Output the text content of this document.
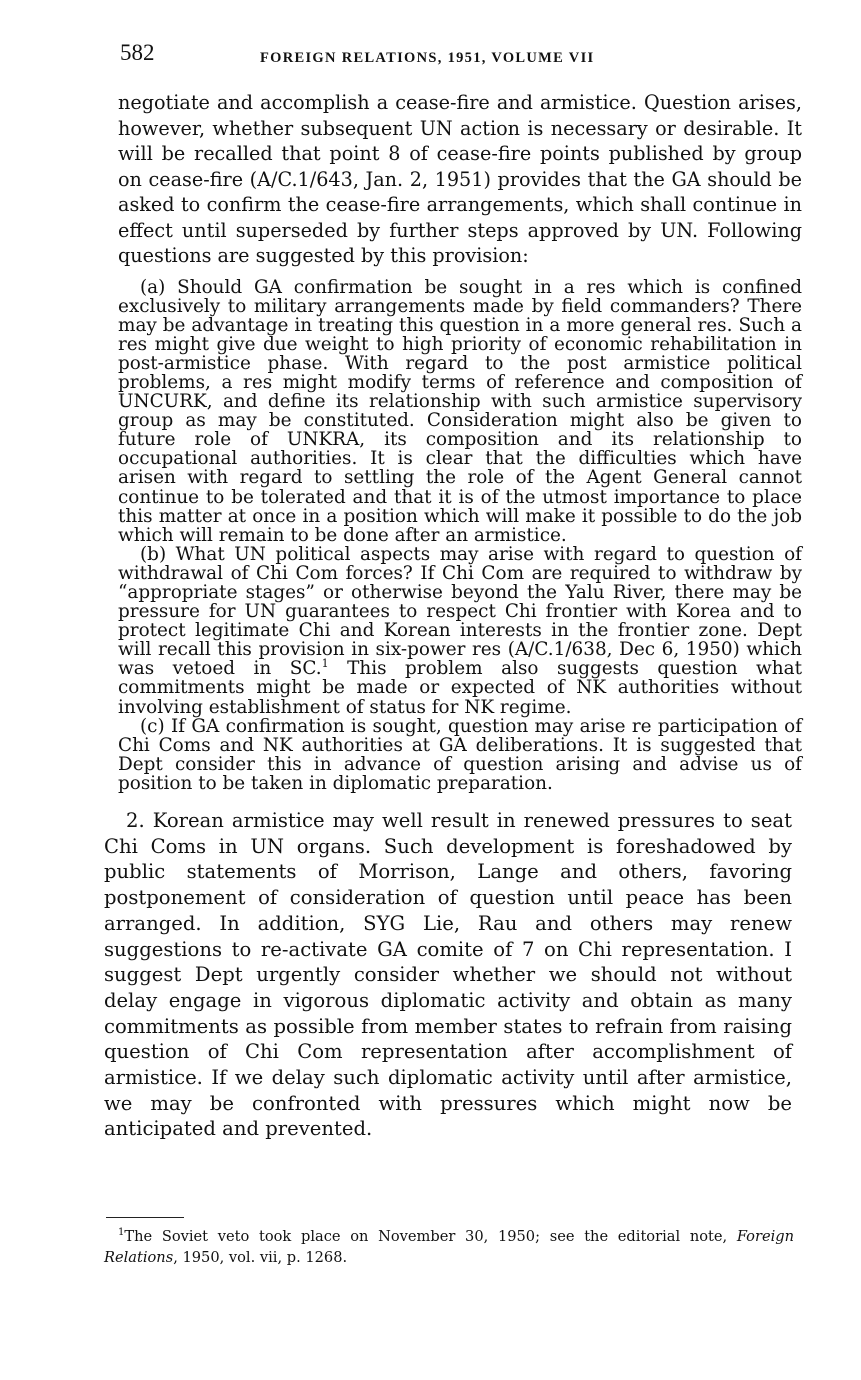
582	FOREIGN RELATIONS, 1951, VOLUME VII

negotiate and accomplish a cease-fire and armistice. Question arises, however, whether subsequent UN action is necessary or desirable. It will be recalled that point 8 of cease-fire points published by group on cease-fire (A/C.1/643, Jan. 2, 1951) provides that the GA should be asked to confirm the cease-fire arrangements, which shall continue in effect until superseded by further steps approved by UN. Following questions are suggested by this provision:

(a) Should GA confirmation be sought in a res which is confined exclusively to military arrangements made by field commanders? There may be advantage in treating this question in a more general res. Such a res might give due weight to high priority of economic rehabilitation in post-armistice phase. With regard to the post armistice political problems, a res might modify terms of reference and composition of UNCURK, and define its relationship with such armistice supervisory group as may be constituted. Consideration might also be given to future role of UNKRA, its composition and its relationship to occupational authorities. It is clear that the difficulties which have arisen with regard to settling the role of the Agent General cannot continue to be tolerated and that it is of the utmost importance to place this matter at once in a position which will make it possible to do the job which will remain to be done after an armistice.

(b) What UN political aspects may arise with regard to question of withdrawal of Chi Com forces? If Chi Com are required to withdraw by “appropriate stages” or otherwise beyond the Yalu River, there may be pressure for UN guarantees to respect Chi frontier with Korea and to protect legitimate Chi and Korean interests in the frontier zone. Dept will recall this provision in six-power res (A/C.1/638, Dec 6, 1950) which was vetoed in SC.$^1$ This problem also suggests question what commitments might be made or expected of NK authorities without involving establishment of status for NK regime.

(c) If GA confirmation is sought, question may arise re participation of Chi Coms and NK authorities at GA deliberations. It is suggested that Dept consider this in advance of question arising and advise us of position to be taken in diplomatic preparation.

2. Korean armistice may well result in renewed pressures to seat Chi Coms in UN organs. Such development is foreshadowed by public statements of Morrison, Lange and others, favoring postponement of consideration of question until peace has been arranged. In addition, SYG Lie, Rau and others may renew suggestions to re-activate GA comite of 7 on Chi representation. I suggest Dept urgently consider whether we should not without delay engage in vigorous diplomatic activity and obtain as many commitments as possible from member states to refrain from raising question of Chi Com representation after accomplishment of armistice. If we delay such diplomatic activity until after armistice, we may be confronted with pressures which might now be anticipated and prevented.

$^1$The Soviet veto took place on November 30, 1950; see the editorial note, Foreign Relations, 1950, vol. vii, p. 1268.
